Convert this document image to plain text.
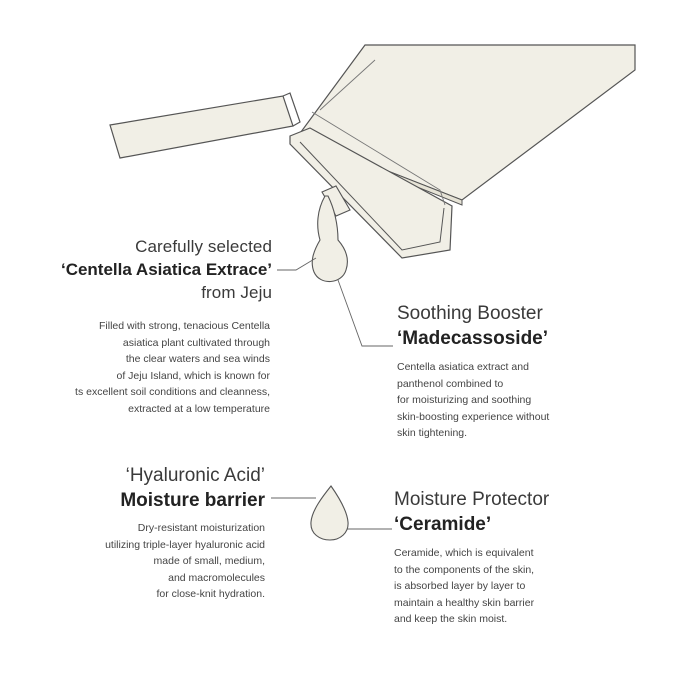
Carefully selected
‘Centella Asiatica Extrace’
from Jeju
Filled with strong, tenacious Centella
asiatica plant cultivated through
the clear waters and sea winds
of Jeju Island, which is known for
ts excellent soil conditions and cleanness,
extracted at a low temperature
Soothing Booster
‘Madecassoside’
Centella asiatica extract and
panthenol combined to
for moisturizing and soothing
skin-boosting experience without
skin tightening.
‘Hyaluronic Acid’
Moisture barrier
Dry-resistant moisturization
utilizing triple-layer hyaluronic acid
made of small, medium,
and macromolecules
for close-knit hydration.
Moisture Protector
‘Ceramide’
Ceramide, which is equivalent
to the components of the skin,
is absorbed layer by layer to
maintain a healthy skin barrier
and keep the skin moist.
